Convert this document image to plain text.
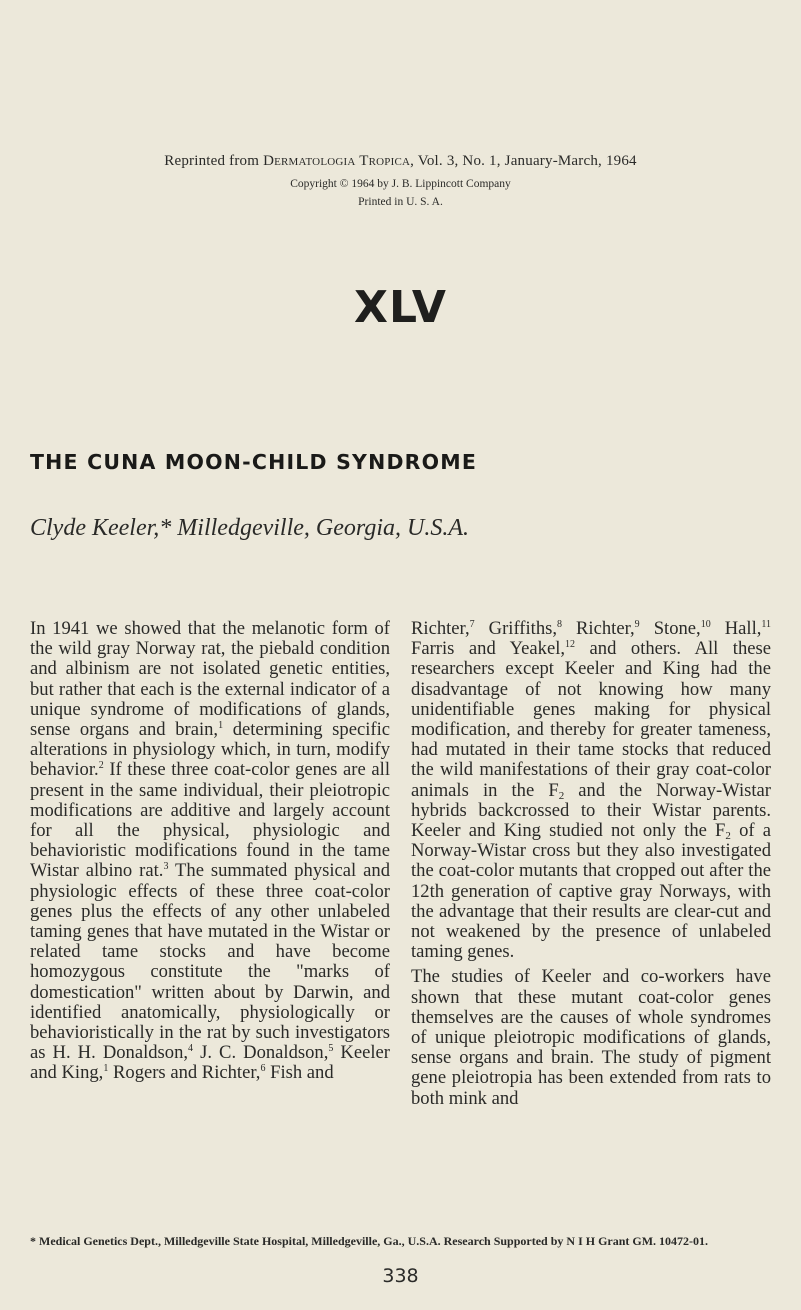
Reprinted from Dermatologia Tropica, Vol. 3, No. 1, January-March, 1964
Copyright © 1964 by J. B. Lippincott Company
Printed in U. S. A.
XLV
THE CUNA MOON-CHILD SYNDROME
Clyde Keeler,* Milledgeville, Georgia, U.S.A.

In 1941 we showed that the melanotic form of the wild gray Norway rat, the piebald condition and albinism are not isolated genetic entities, but rather that each is the external indicator of a unique syndrome of modifications of glands, sense organs and brain,$^1$ determining specific alterations in physiology which, in turn, modify behavior.$^2$ If these three coat-color genes are all present in the same individual, their pleiotropic modifications are additive and largely account for all the physical, physiologic and behavioristic modifications found in the tame Wistar albino rat.$^3$ The summated physical and physiologic effects of these three coat-color genes plus the effects of any other unlabeled taming genes that have mutated in the Wistar or related tame stocks and have become homozygous constitute the "marks of domestication" written about by Darwin, and identified anatomically, physiologically or behavioristically in the rat by such investigators as H. H. Donaldson,$^4$ J. C. Donaldson,$^5$ Keeler and King,$^1$ Rogers and Richter,$^6$ Fish and

Richter,$^7$ Griffiths,$^8$ Richter,$^9$ Stone,$^{10}$ Hall,$^{11}$ Farris and Yeakel,$^{12}$ and others. All these researchers except Keeler and King had the disadvantage of not knowing how many unidentifiable genes making for physical modification, and thereby for greater tameness, had mutated in their tame stocks that reduced the wild manifestations of their gray coat-color animals in the $F_2$ and the Norway-Wistar hybrids backcrossed to their Wistar parents. Keeler and King studied not only the $F_2$ of a Norway-Wistar cross but they also investigated the coat-color mutants that cropped out after the 12th generation of captive gray Norways, with the advantage that their results are clear-cut and not weakened by the presence of unlabeled taming genes.

The studies of Keeler and co-workers have shown that these mutant coat-color genes themselves are the causes of whole syndromes of unique pleiotropic modifications of glands, sense organs and brain. The study of pigment gene pleiotropia has been extended from rats to both mink and

* Medical Genetics Dept., Milledgeville State Hospital, Milledgeville, Ga., U.S.A. Research Supported by N I H Grant GM. 10472-01.
338
